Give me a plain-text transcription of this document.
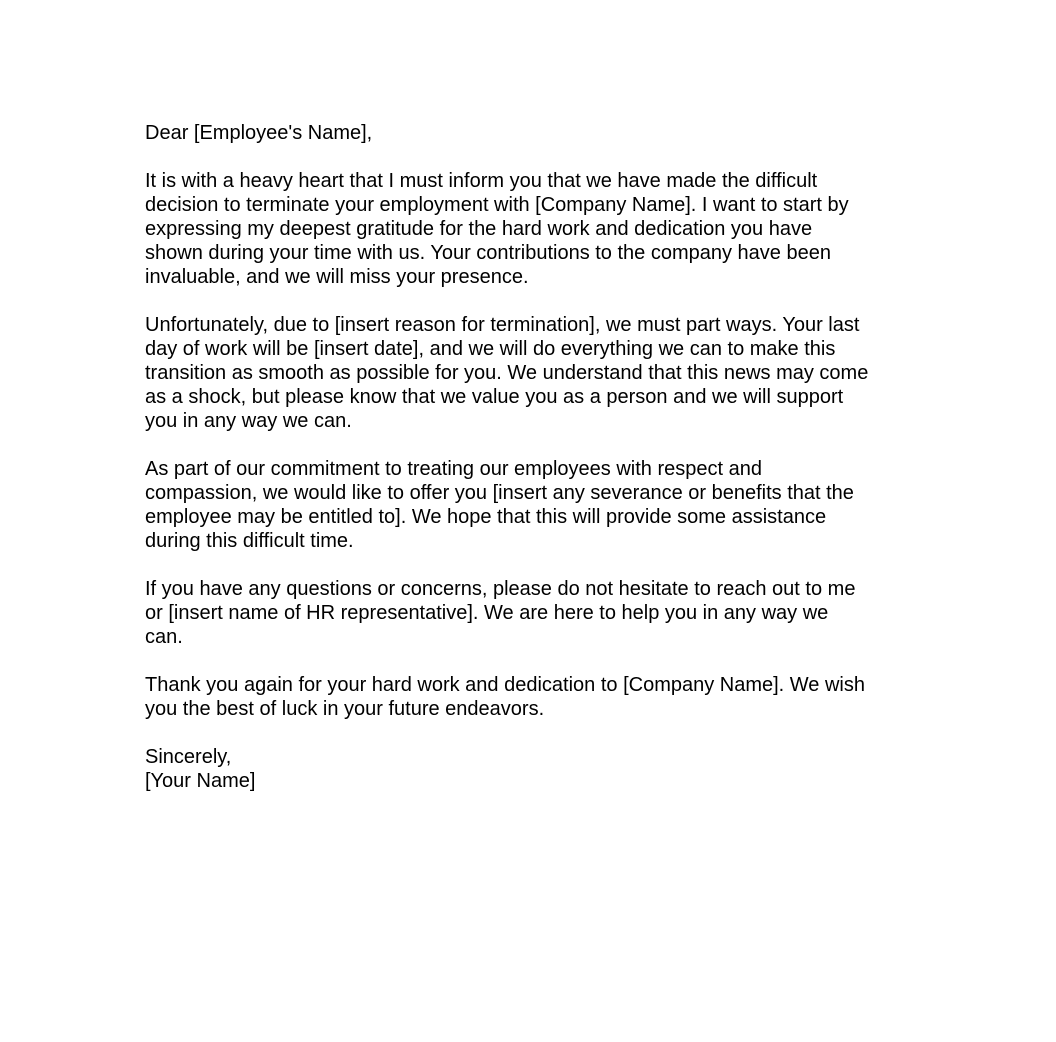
Dear [Employee's Name],
It is with a heavy heart that I must inform you that we have made the difficult
decision to terminate your employment with [Company Name]. I want to start by
expressing my deepest gratitude for the hard work and dedication you have
shown during your time with us. Your contributions to the company have been
invaluable, and we will miss your presence.
Unfortunately, due to [insert reason for termination], we must part ways. Your last
day of work will be [insert date], and we will do everything we can to make this
transition as smooth as possible for you. We understand that this news may come
as a shock, but please know that we value you as a person and we will support
you in any way we can.
As part of our commitment to treating our employees with respect and
compassion, we would like to offer you [insert any severance or benefits that the
employee may be entitled to]. We hope that this will provide some assistance
during this difficult time.
If you have any questions or concerns, please do not hesitate to reach out to me
or [insert name of HR representative]. We are here to help you in any way we
can.
Thank you again for your hard work and dedication to [Company Name]. We wish
you the best of luck in your future endeavors.
Sincerely,
[Your Name]
